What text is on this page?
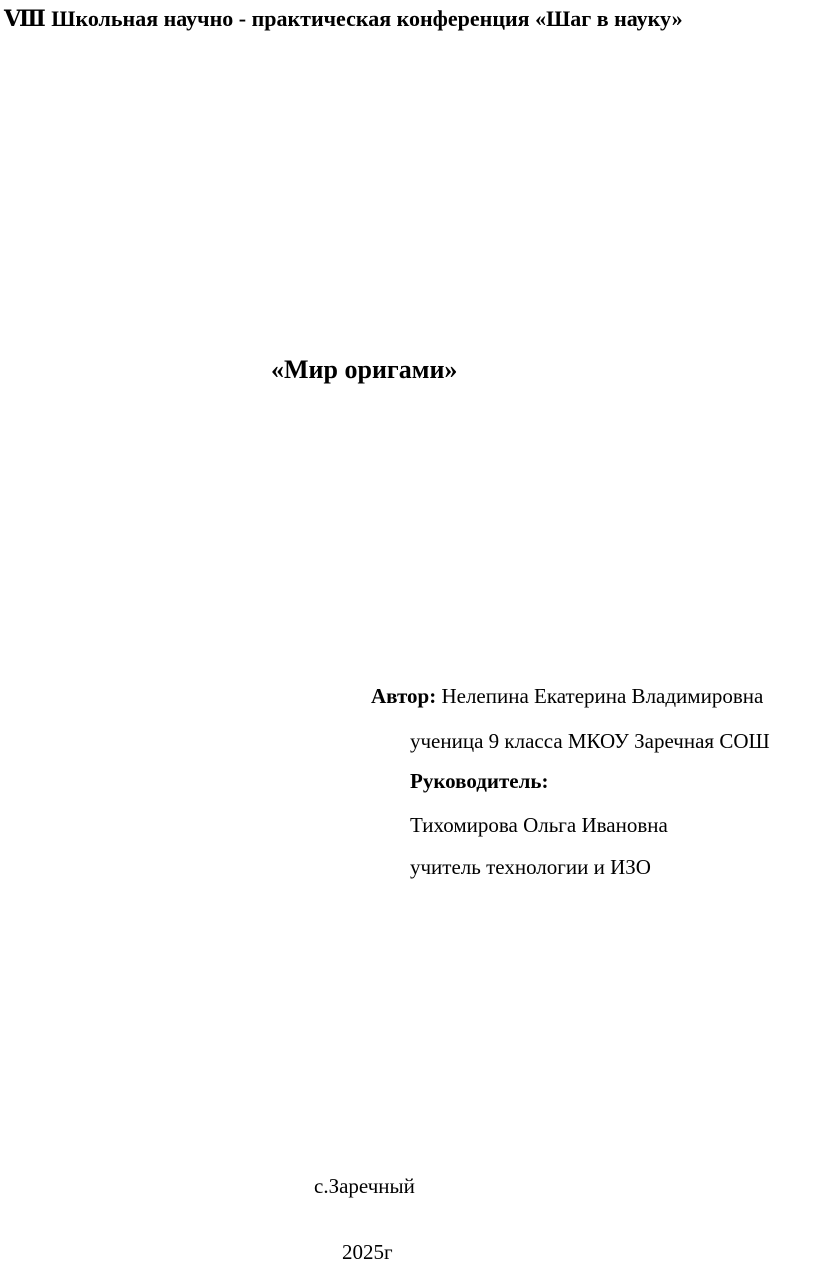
Ⅷ Школьная научно - практическая конференция «Шаг в науку»
«Мир оригами»
Автор: Нелепина Екатерина Владимировна
ученица 9 класса МКОУ Заречная СОШ
Руководитель:
Тихомирова Ольга Ивановна
учитель технологии и ИЗО
с.Заречный
2025г
